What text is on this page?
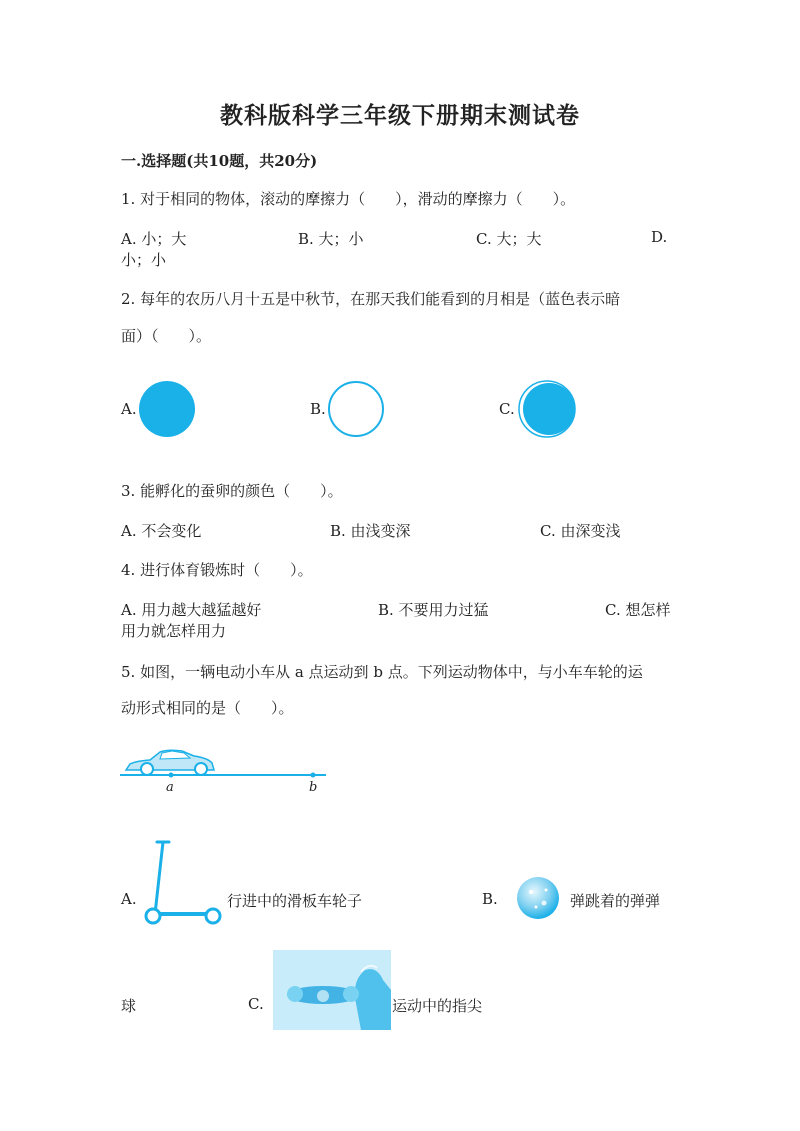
教科版科学三年级下册期末测试卷
一.选择题(共10题，共20分)
1. 对于相同的物体，滚动的摩擦力（　　），滑动的摩擦力（　　）。
A. 小；大	B. 大；小	C. 大；大	D.
小；小
2. 每年的农历八月十五是中秋节，在那天我们能看到的月相是（蓝色表示暗
面）（　　）。
A.	B.	C.
3. 能孵化的蚕卵的颜色（　　）。
A. 不会变化	B. 由浅变深	C. 由深变浅
4. 进行体育锻炼时（　　）。
A. 用力越大越猛越好	B. 不要用力过猛	C. 想怎样
用力就怎样用力
5. 如图，一辆电动小车从 a 点运动到 b 点。下列运动物体中，与小车车轮的运
动形式相同的是（　　）。
a	b
A.	行进中的滑板车轮子	B.	弹跳着的弹弹
球	C.	运动中的指尖
